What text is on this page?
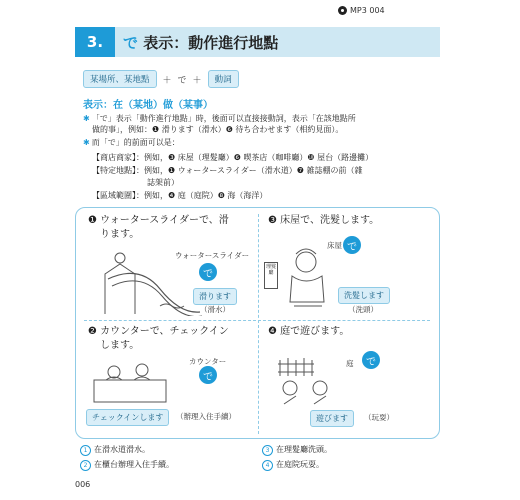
MP3 004
3.	で 表示：動作進行地點
某場所、某地點	＋ で ＋	動詞
表示：在（某地）做（某事）
✱ 「で」表示「動作進行地點」時，後面可以直接接動詞，表示「在該地點所
做的事」，例如：❶ 滑ります（滑水）❻ 待ち合わせます（相約見面）。
✱ 而「で」的前面可以是：
【商店商家】：例如，❸ 床屋（理髮廳）❻ 喫茶店（咖啡廳）❿ 屋台（路邊攤）
【特定地點】：例如，❶ ウォータースライダー（滑水道）❼ 雑誌棚の前（雜
誌架前）
【區域範圍】：例如，❹ 庭（庭院）❽ 海（海洋）
❶ ウォータースライダーで、滑
ります。
ウォータースライダー
で
滑ります
（滑水）
❸ 床屋で、洗髮します。
理髮廳
床屋 で
洗髮します
（洗頭）
❷ カウンターで、チェックイン
します。
カウンター
で
チェックインします	（辦理入住手續）
❹ 庭で遊びます。
庭	で
遊びます	（玩耍）
1 在滑水道滑水。	3 在理髮廳洗頭。
2 在櫃台辦理入住手續。	4 在庭院玩耍。
006
